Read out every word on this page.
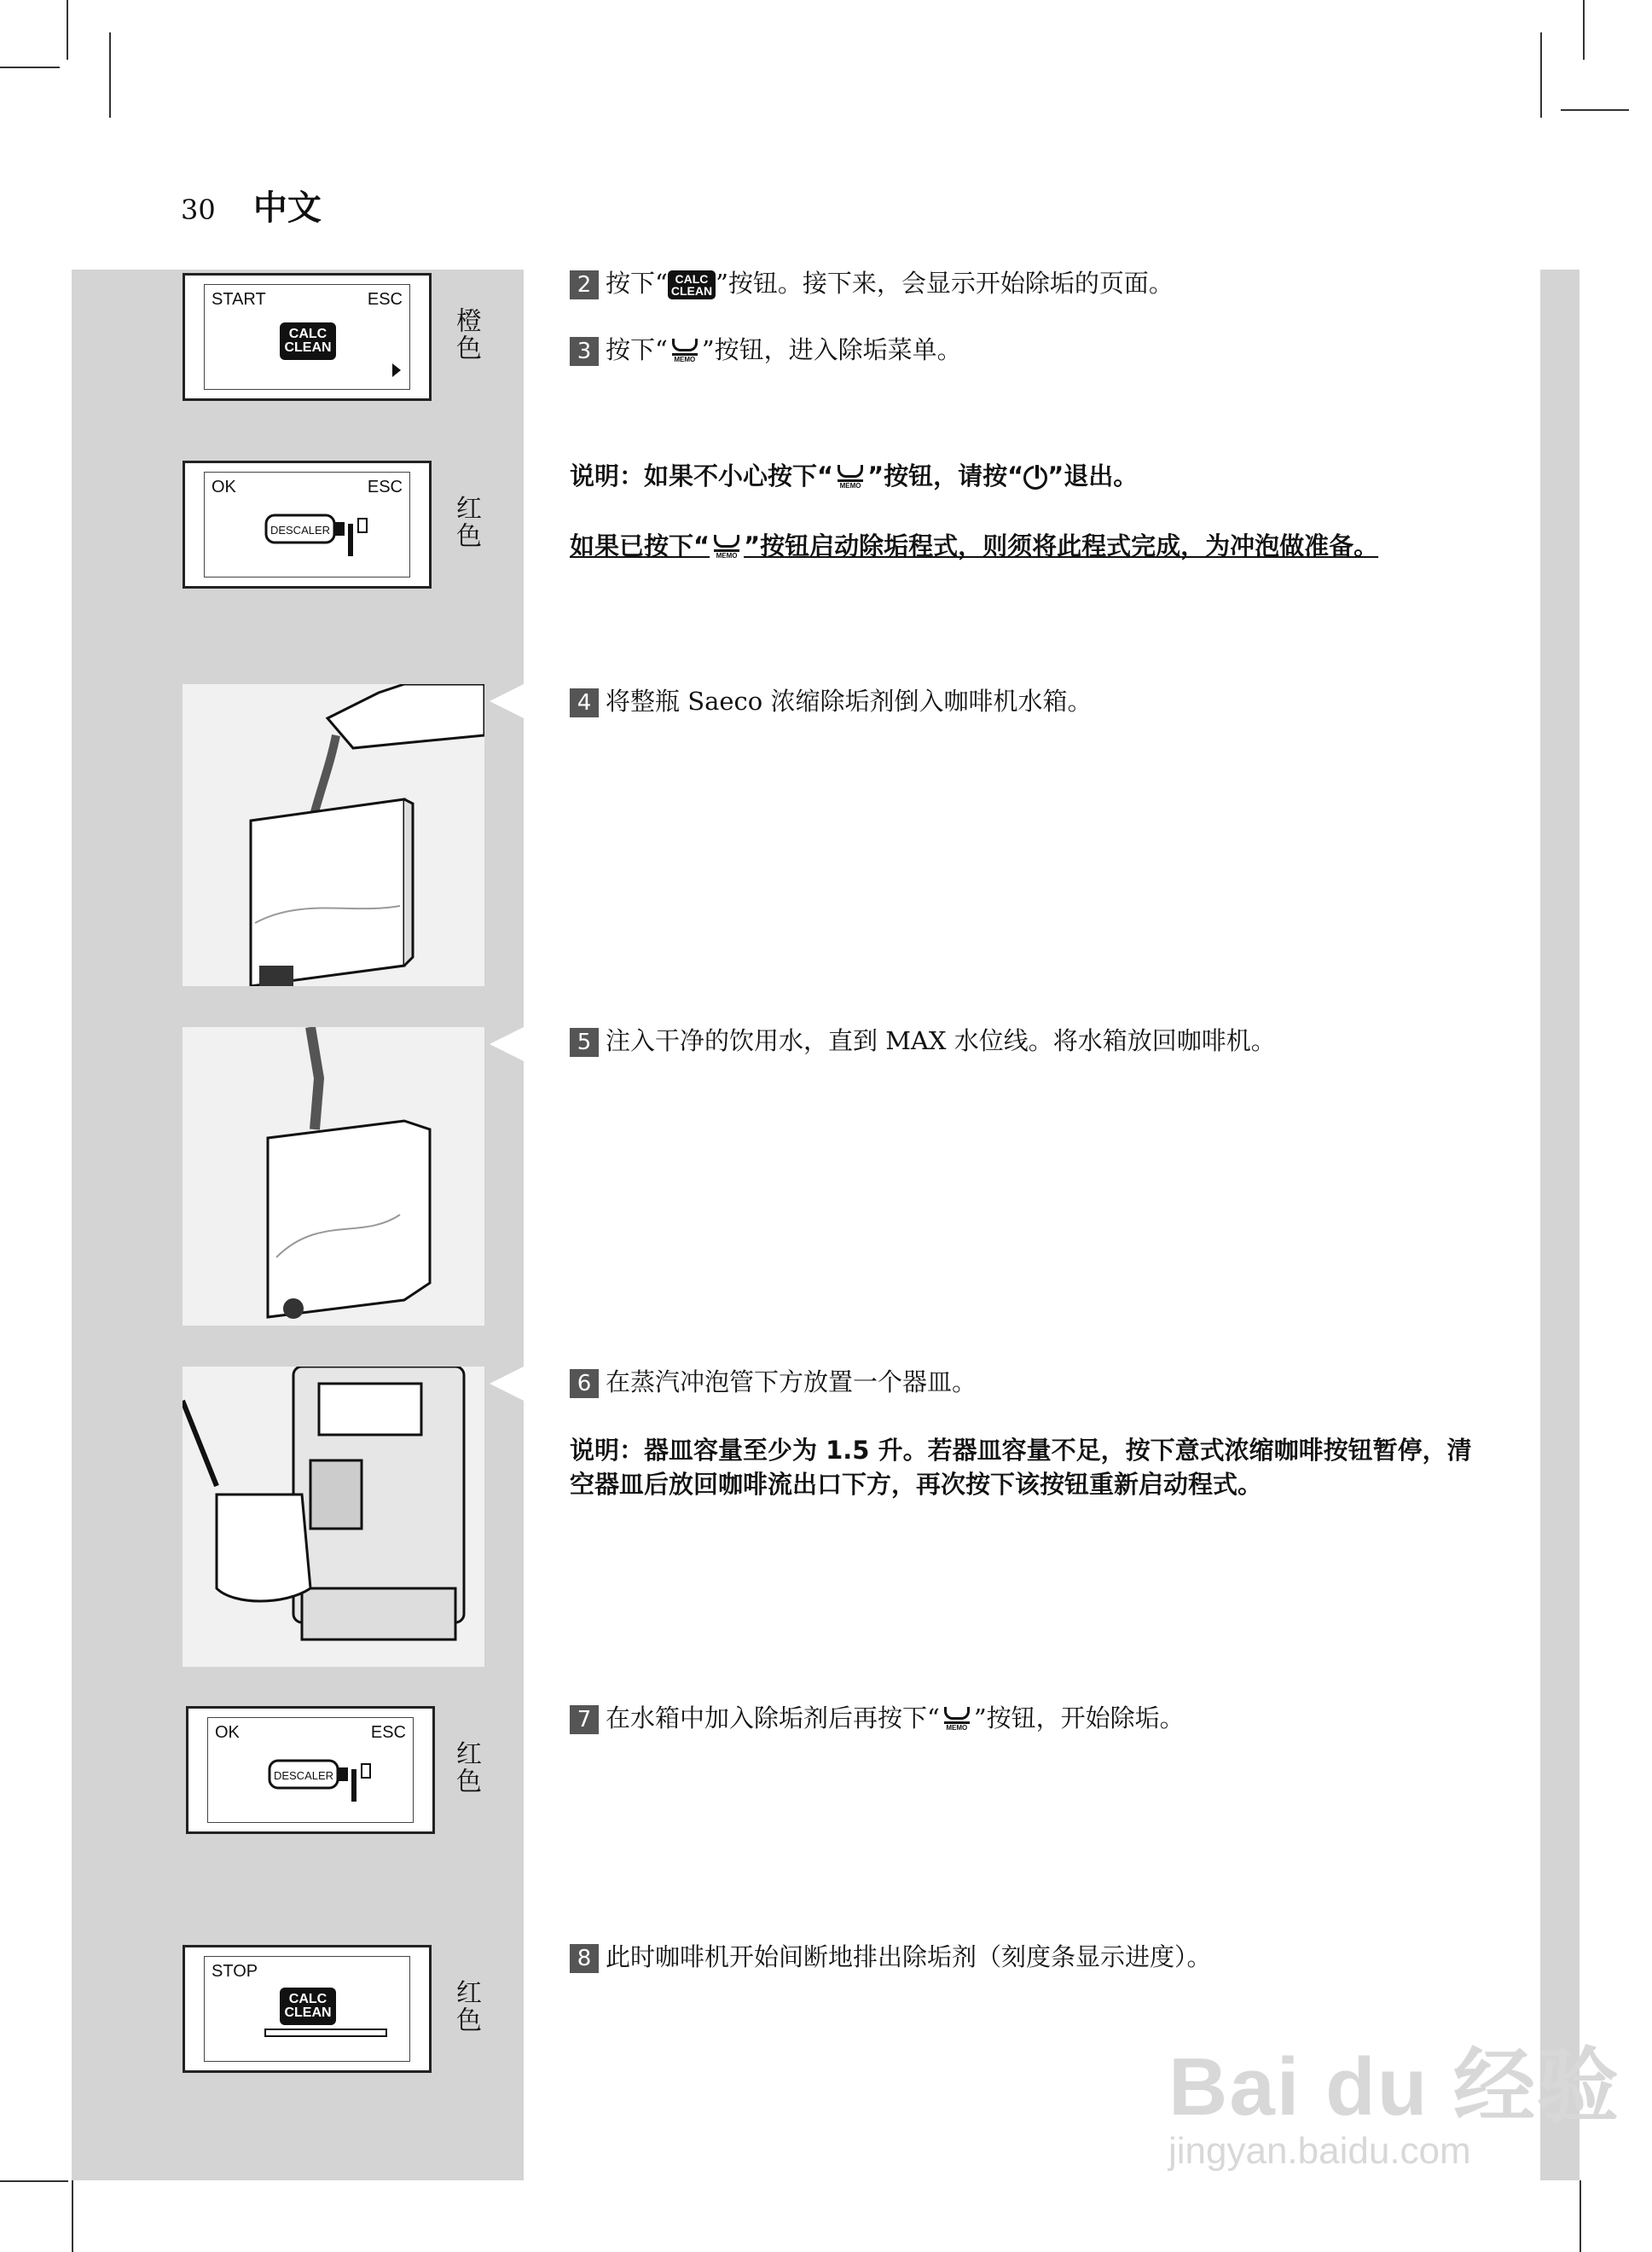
30 中文
START	ESC
CALC
CLEAN	橙色
OK	ESC
DESCALER	红色
OK	ESC
DESCALER	红色
STOP
CALC
CLEAN	红色
2 按下“ CALC
CLEAN ”按钮。接下来，会显示开始除垢的页面。
3 按下“ MEMO ”按钮，进入除垢菜单。
说明：如果不小心按下“ MEMO ”按钮，请按“ ”退出。
如果已按下“ MEMO ”按钮启动除垢程式，则须将此程式完成，为冲泡做准备。
4 将整瓶 Saeco 浓缩除垢剂倒入咖啡机水箱。
5 注入干净的饮用水，直到 MAX 水位线。将水箱放回咖啡机。
6 在蒸汽冲泡管下方放置一个器皿。
说明：器皿容量至少为 1.5 升。若器皿容量不足，按下意式浓缩咖啡按钮暂停，清空器皿后放回咖啡流出口下方，再次按下该按钮重新启动程式。
7 在水箱中加入除垢剂后再按下“ MEMO ”按钮，开始除垢。
8 此时咖啡机开始间断地排出除垢剂（刻度条显示进度）。
Bai du 经验
jingyan.baidu.com
